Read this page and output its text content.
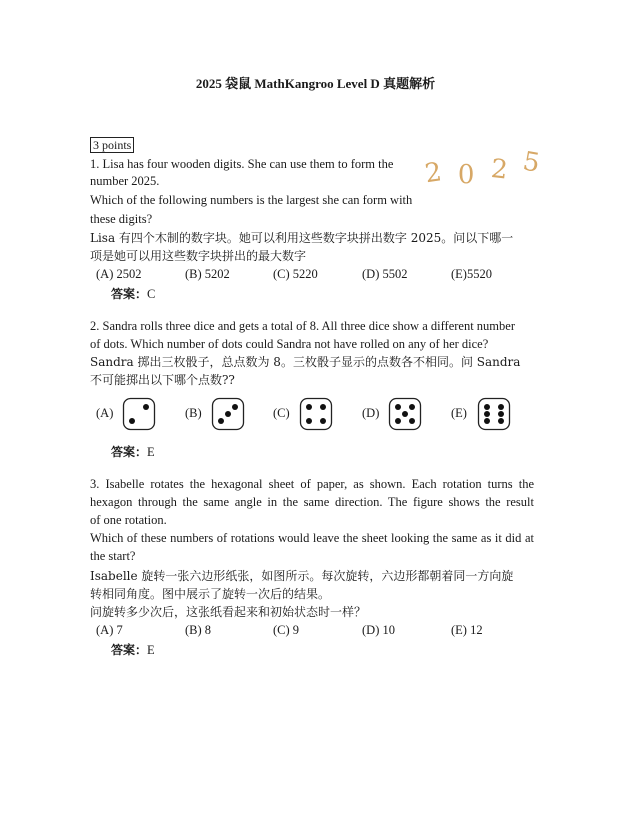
2025 袋鼠 MathKangroo Level D 真题解析
3 points
2 0 2 5
1. Lisa has four wooden digits. She can use them to form the
number 2025.
Which of the following numbers is the largest she can form with
these digits?
Lisa 有四个木制的数字块。她可以利用这些数字块拼出数字 2025。问以下哪一
项是她可以用这些数字块拼出的最大数字
(A) 2502	(B) 5202	(C) 5220	(D) 5502	(E)5520
答案：C
2. Sandra rolls three dice and gets a total of 8. All three dice show a different number
of dots. Which number of dots could Sandra not have rolled on any of her dice?
Sandra 掷出三枚骰子，总点数为 8。三枚骰子显示的点数各不相同。问 Sandra
不可能掷出以下哪个点数??
(A)	(B)	(C)	(D)	(E)
答案：E
3. Isabelle rotates the hexagonal sheet of paper, as shown. Each rotation turns the
hexagon through the same angle in the same direction. The figure shows the result
of one rotation.
Which of these numbers of rotations would leave the sheet looking the same as it did at
the start?
Isabelle 旋转一张六边形纸张，如图所示。每次旋转，六边形都朝着同一方向旋
转相同角度。图中展示了旋转一次后的结果。
问旋转多少次后，这张纸看起来和初始状态时一样？
(A) 7	(B) 8	(C) 9	(D) 10	(E) 12
答案：E
